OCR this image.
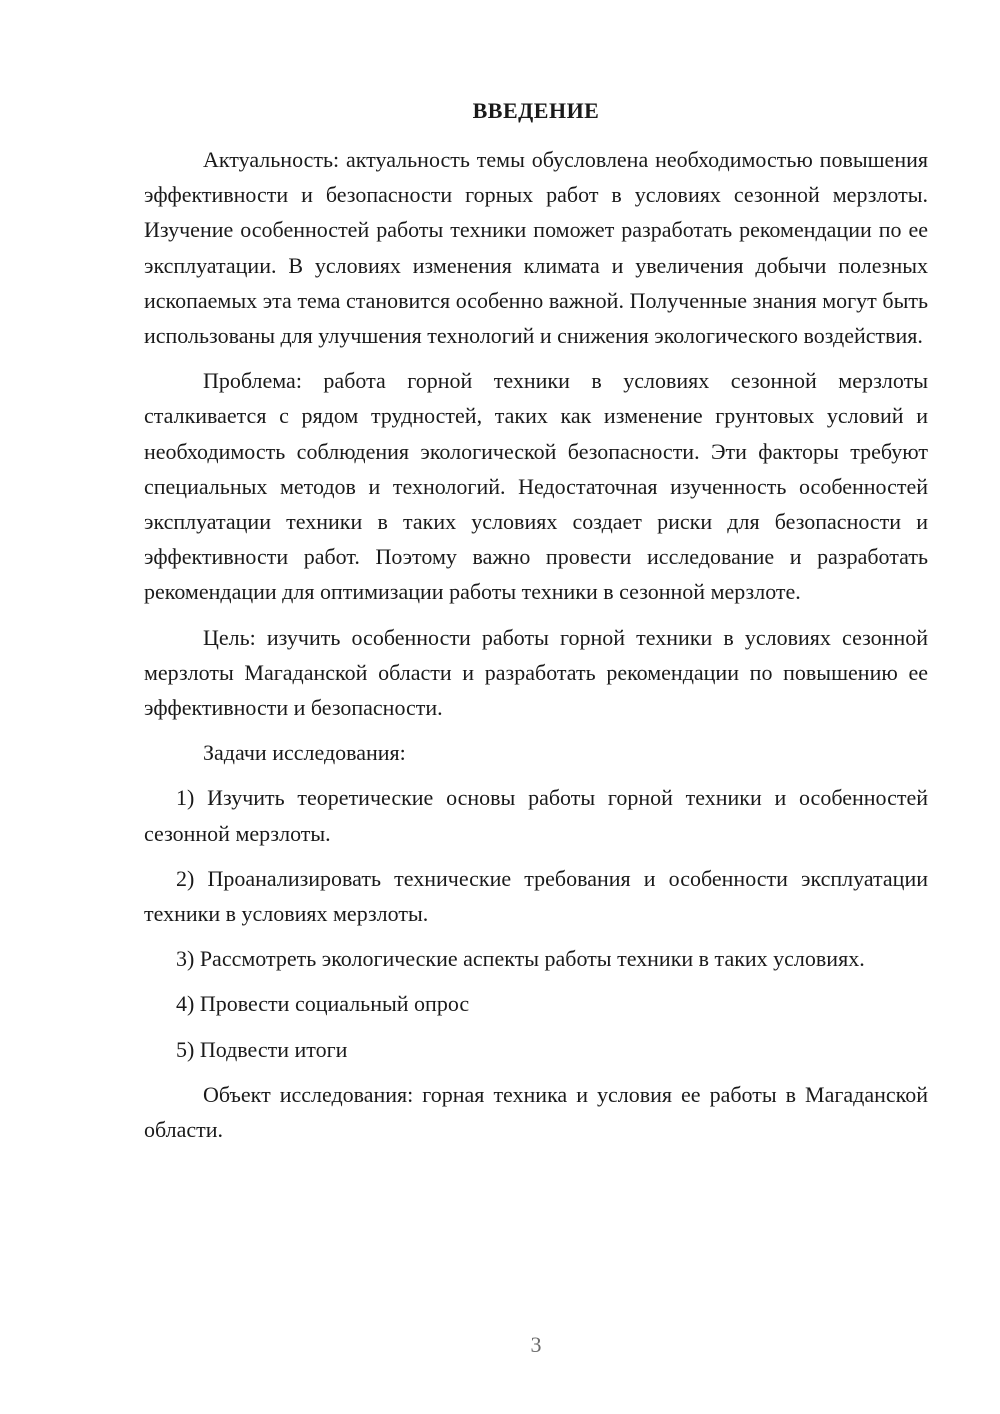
ВВЕДЕНИЕ

Актуальность: актуальность темы обусловлена необходимостью повышения эффективности и безопасности горных работ в условиях сезонной мерзлоты. Изучение особенностей работы техники поможет разработать рекомендации по ее эксплуатации. В условиях изменения климата и увеличения добычи полезных ископаемых эта тема становится особенно важной. Полученные знания могут быть использованы для улучшения технологий и снижения экологического воздействия.

Проблема: работа горной техники в условиях сезонной мерзлоты сталкивается с рядом трудностей, таких как изменение грунтовых условий и необходимость соблюдения экологической безопасности. Эти факторы требуют специальных методов и технологий. Недостаточная изученность особенностей эксплуатации техники в таких условиях создает риски для безопасности и эффективности работ. Поэтому важно провести исследование и разработать рекомендации для оптимизации работы техники в сезонной мерзлоте.

Цель: изучить особенности работы горной техники в условиях сезонной мерзлоты Магаданской области и разработать рекомендации по повышению ее эффективности и безопасности.

Задачи исследования:

1) Изучить теоретические основы работы горной техники и особенностей сезонной мерзлоты.

2) Проанализировать технические требования и особенности эксплуатации техники в условиях мерзлоты.

3) Рассмотреть экологические аспекты работы техники в таких условиях.

4) Провести социальный опрос

5) Подвести итоги

Объект исследования: горная техника и условия ее работы в Магаданской области.

3
